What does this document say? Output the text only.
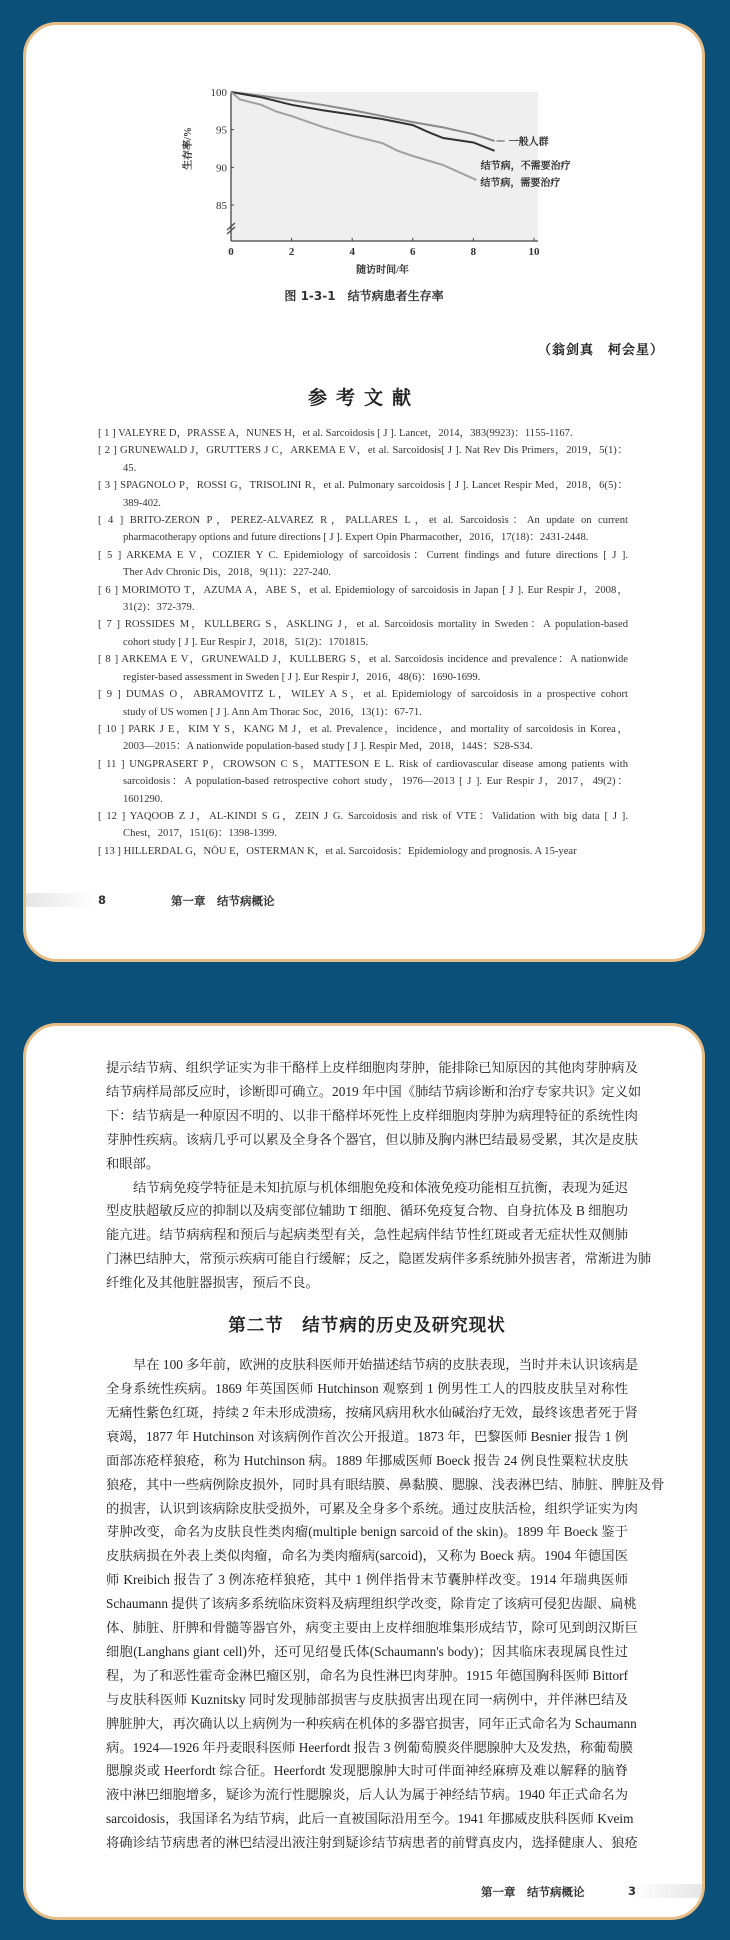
100
95
90
85
0	2	4	6	8	10
随访时间/年
生存率/%	一般人群
结节病，不需要治疗
结节病，需要治疗
图 1-3-1　结节病患者生存率
（翁剑真　柯会星）
参考文献
[ 1 ] VALEYRE D，PRASSE A，NUNES H，et al. Sarcoidosis [ J ]. Lancet，2014，383(9923)：1155-1167.
[ 2 ] GRUNEWALD J，GRUTTERS J C，ARKEMA E V，et al. Sarcoidosis[ J ]. Nat Rev Dis Primers，2019，5(1)：
45.
[ 3 ] SPAGNOLO P，ROSSI G，TRISOLINI R，et al. Pulmonary sarcoidosis [ J ]. Lancet Respir Med，2018，6(5)：
389-402.
[ 4 ] BRITO-ZERON P，PEREZ-ALVAREZ R，PALLARES L，et al. Sarcoidosis：An update on current
pharmacotherapy options and future directions [ J ]. Expert Opin Pharmacother，2016，17(18)：2431-2448.
[ 5 ] ARKEMA E V，COZIER Y C. Epidemiology of sarcoidosis：Current findings and future directions [ J ].
Ther Adv Chronic Dis，2018，9(11)：227-240.
[ 6 ] MORIMOTO T，AZUMA A，ABE S，et al. Epidemiology of sarcoidosis in Japan [ J ]. Eur Respir J，2008，
31(2)：372-379.
[ 7 ] ROSSIDES M，KULLBERG S，ASKLING J，et al. Sarcoidosis mortality in Sweden：A population-based
cohort study [ J ]. Eur Respir J，2018，51(2)：1701815.
[ 8 ] ARKEMA E V，GRUNEWALD J，KULLBERG S，et al. Sarcoidosis incidence and prevalence：A nationwide
register-based assessment in Sweden [ J ]. Eur Respir J，2016，48(6)：1690-1699.
[ 9 ] DUMAS O，ABRAMOVITZ L，WILEY A S，et al. Epidemiology of sarcoidosis in a prospective cohort
study of US women [ J ]. Ann Am Thorac Soc，2016，13(1)：67-71.
[ 10 ] PARK J E，KIM Y S，KANG M J，et al. Prevalence，incidence，and mortality of sarcoidosis in Korea，
2003—2015：A nationwide population-based study [ J ]. Respir Med，2018，144S：S28-S34.
[ 11 ] UNGPRASERT P，CROWSON C S，MATTESON E L. Risk of cardiovascular disease among patients with
sarcoidosis：A population-based retrospective cohort study，1976—2013 [ J ]. Eur Respir J，2017，49(2)：
1601290.
[ 12 ] YAQOOB Z J，AL-KINDI S G，ZEIN J G. Sarcoidosis and risk of VTE：Validation with big data [ J ].
Chest，2017，151(6)：1398-1399.
[ 13 ] HILLERDAL G，NÖU E，OSTERMAN K，et al. Sarcoidosis：Epidemiology and prognosis. A 15-year
8	第一章　结节病概论
提示结节病、组织学证实为非干酪样上皮样细胞肉芽肿，能排除已知原因的其他肉芽肿病及
结节病样局部反应时，诊断即可确立。2019 年中国《肺结节病诊断和治疗专家共识》定义如
下：结节病是一种原因不明的、以非干酪样坏死性上皮样细胞肉芽肿为病理特征的系统性肉
芽肿性疾病。该病几乎可以累及全身各个器官，但以肺及胸内淋巴结最易受累，其次是皮肤
和眼部。
结节病免疫学特征是未知抗原与机体细胞免疫和体液免疫功能相互抗衡，表现为延迟
型皮肤超敏反应的抑制以及病变部位辅助 T 细胞、循环免疫复合物、自身抗体及 B 细胞功
能亢进。结节病病程和预后与起病类型有关，急性起病伴结节性红斑或者无症状性双侧肺
门淋巴结肿大，常预示疾病可能自行缓解；反之，隐匿发病伴多系统肺外损害者，常渐进为肺
纤维化及其他脏器损害，预后不良。
第二节　结节病的历史及研究现状
早在 100 多年前，欧洲的皮肤科医师开始描述结节病的皮肤表现，当时并未认识该病是
全身系统性疾病。1869 年英国医师 Hutchinson 观察到 1 例男性工人的四肢皮肤呈对称性
无痛性紫色红斑，持续 2 年未形成溃疡，按痛风病用秋水仙碱治疗无效，最终该患者死于肾
衰竭，1877 年 Hutchinson 对该病例作首次公开报道。1873 年，巴黎医师 Besnier 报告 1 例
面部冻疮样狼疮，称为 Hutchinson 病。1889 年挪威医师 Boeck 报告 24 例良性粟粒状皮肤
狼疮，其中一些病例除皮损外，同时具有眼结膜、鼻黏膜、腮腺、浅表淋巴结、肺脏、脾脏及骨
的损害，认识到该病除皮肤受损外，可累及全身多个系统。通过皮肤活检，组织学证实为肉
芽肿改变，命名为皮肤良性类肉瘤(multiple benign sarcoid of the skin)。1899 年 Boeck 鉴于
皮肤病损在外表上类似肉瘤，命名为类肉瘤病(sarcoid)，又称为 Boeck 病。1904 年德国医
师 Kreibich 报告了 3 例冻疮样狼疮，其中 1 例伴指骨末节囊肿样改变。1914 年瑞典医师
Schaumann 提供了该病多系统临床资料及病理组织学改变，除肯定了该病可侵犯齿龈、扁桃
体、肺脏、肝脾和骨髓等器官外，病变主要由上皮样细胞堆集形成结节，除可见到朗汉斯巨
细胞(Langhans giant cell)外，还可见绍曼氏体(Schaumann's body)；因其临床表现属良性过
程，为了和恶性霍奇金淋巴瘤区别，命名为良性淋巴肉芽肿。1915 年德国胸科医师 Bittorf
与皮肤科医师 Kuznitsky 同时发现肺部损害与皮肤损害出现在同一病例中，并伴淋巴结及
脾脏肿大，再次确认以上病例为一种疾病在机体的多器官损害，同年正式命名为 Schaumann
病。1924—1926 年丹麦眼科医师 Heerfordt 报告 3 例葡萄膜炎伴腮腺肿大及发热，称葡萄膜
腮腺炎或 Heerfordt 综合征。Heerfordt 发现腮腺肿大时可伴面神经麻痹及难以解释的脑脊
液中淋巴细胞增多，疑诊为流行性腮腺炎，后人认为属于神经结节病。1940 年正式命名为
sarcoidosis，我国译名为结节病，此后一直被国际沿用至今。1941 年挪威皮肤科医师 Kveim
将确诊结节病患者的淋巴结浸出液注射到疑诊结节病患者的前臂真皮内，选择健康人、狼疮
第一章　结节病概论	3
